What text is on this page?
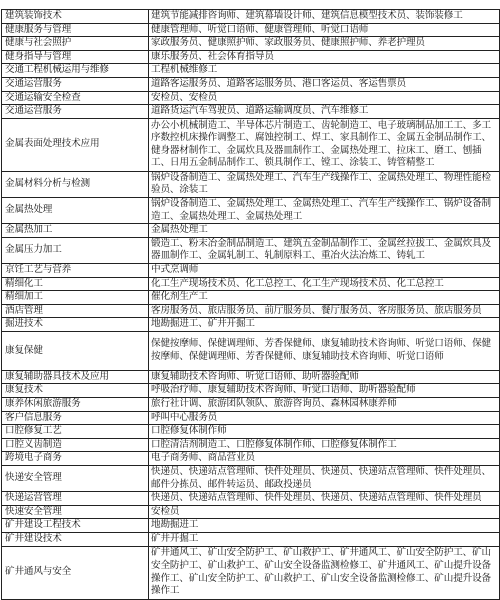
建筑装饰技术	建筑节能减排咨询师、建筑幕墙设计师、建筑信息模型技术员、装饰装修工
健康服务与管理	健康管理师、听觉口语师、健康管理师、听觉口语师
健康与社会照护	家政服务员、健康照护师、家政服务员、健康照护师、养老护理员
健身指导与管理	康乐服务员、社会体育指导员
交通工程机械运用与维修	工程机械维修工
交通运营服务	道路客运服务员、道路客运服务员、港口客运员、客运售票员
交通运输安全检查	安检员、安检员
交通运营服务	道路货运汽车驾驶员、道路运输调度员、汽车维修工
金属表面处理技术应用	办公小机械制造工、半导体芯片制造工、齿轮制造工、电子玻璃制品加工工、多工序数控机床操作调整工、腐蚀控制工、焊工、家具制作工、金属五金制品制作工、健身器材制作工、金属炊具及器皿制作工、金属热处理工、拉床工、磨工、刨插工、日用五金制品制作工、锁具制作工、镗工、涂装工、铸管精整工
金属材料分析与检测	锅炉设备制造工、金属热处理工、汽车生产线操作工、金属热处理工、物理性能检验员、涂装工
金属热处理	锅炉设备制造工、金属热处理工、金属热处理工、汽车生产线操作工、锅炉设备制造工、金属热处理工、金属热处理工
金属热加工	金属热处理工
金属压力加工	锻造工、粉末冶金制品制造工、建筑五金制品制作工、金属丝拉拔工、金属炊具及器皿制作工、金属轧制工、轧制原料工、重冶火法冶炼工、铸轧工
京饪工艺与营养	中式烹调师
精细化工	化工生产现场技术员、化工总控工、化工生产现场技术员、化工总控工
精细加工	催化剂生产工
酒店管理	客房服务员、旅店服务员、前厅服务员、餐厅服务员、客房服务员、旅店服务员
掘进技术	地勘掘进工、矿井开掘工
康复保健	保健按摩师、保健调理师、芳香保健师、康复辅助技术咨询师、听觉口语师、保健按摩师、保健调理师、芳香保健师、康复辅助技术咨询师、听觉口语师
康复辅助器具技术及应用	康复辅助技术咨询师、听觉口语师、助听器验配师
康复技术	呼吸治疗师、康复辅助技术咨询师、听觉口语师、助听器验配师
康养休闲旅游服务	旅行社计调、旅游团队领队、旅游咨询员、森林园林康养师
客户信息服务	呼叫中心服务员
口腔修复工艺	口腔修复体制作师
口腔义齿制造	口腔清洁剂制造工、口腔修复体制作师、口腔修复体制作工
跨境电子商务	电子商务师、商品营业员
快递安全管理	快递员、快递站点管理师、快件处理员、快递员、快递站点管理师、快件处理员、邮件分拣员、邮件转运员、邮政投递员
快递运营管理	快递员、快递站点管理师、快件处理员、快递员、快递站点管理师、快件处理员
快速安全管理	安检员
矿井建设工程技术	地勘掘进工
矿井建设技术	矿井开掘工
矿井通风与安全	矿井通风工、矿山安全防护工、矿山救护工、矿井通风工、矿山安全防护工、矿山安全防护工、矿山救护工、矿山安全设备监测检修工、矿井通风工、矿山提升设备操作工、矿山安全防护工、矿山救护工、矿山安全设备监测检修工、矿山提升设备操作工
